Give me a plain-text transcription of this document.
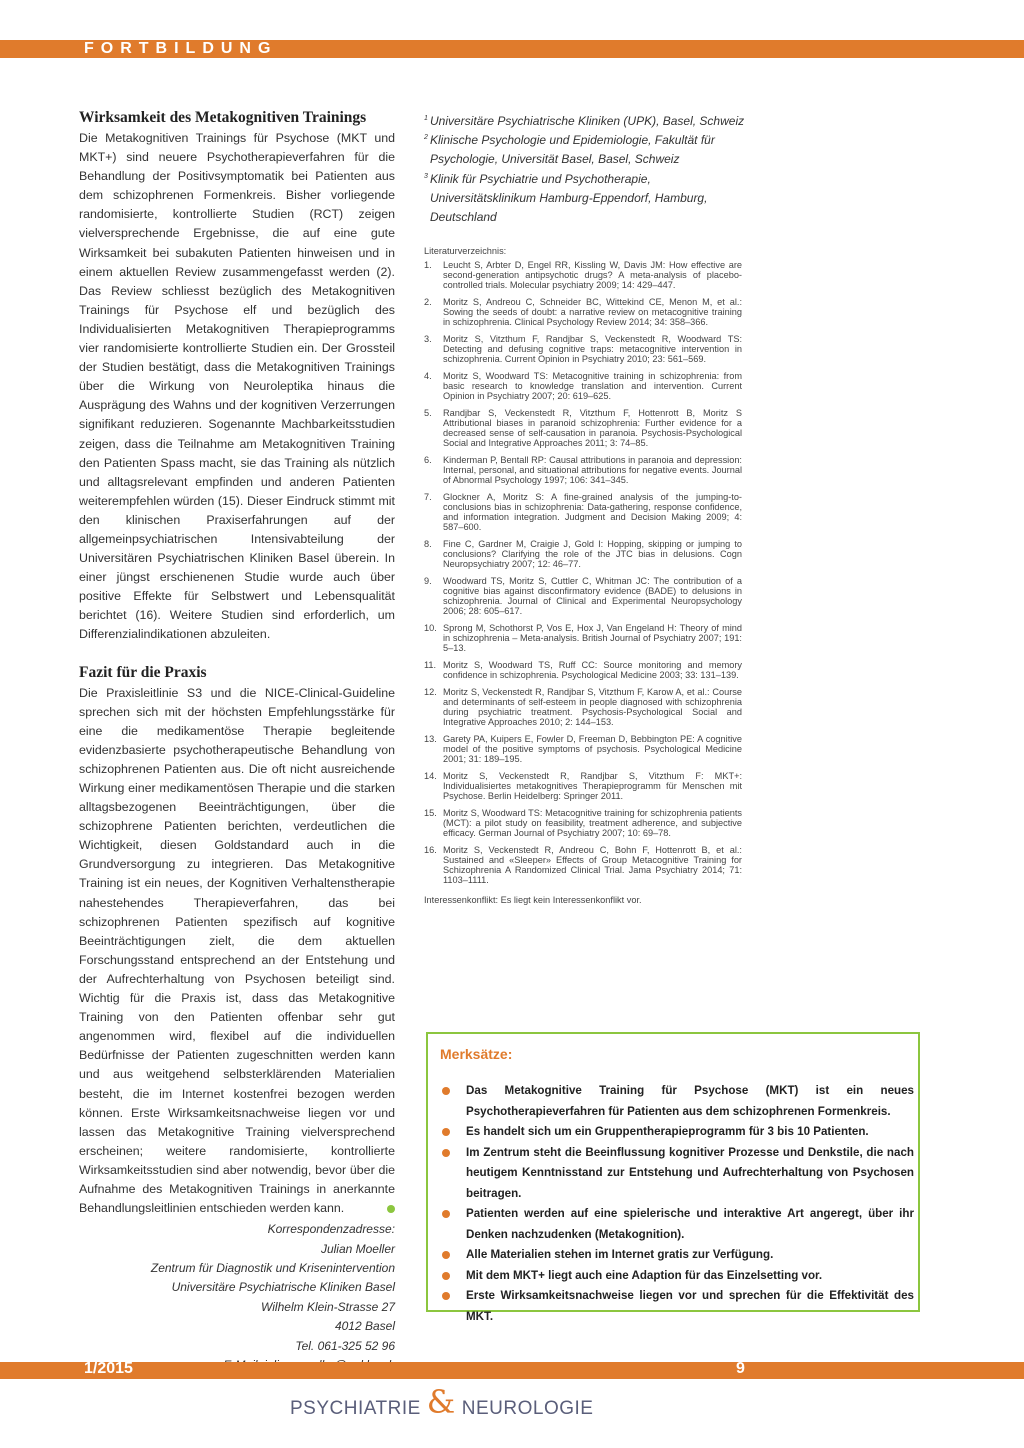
FORTBILDUNG
Wirksamkeit des Metakognitiven Trainings

Die Metakognitiven Trainings für Psychose (MKT und MKT+) sind neuere Psychotherapieverfahren für die Behandlung der Positivsymptomatik bei Patienten aus dem schizophrenen Formenkreis. Bisher vorliegende randomisierte, kontrollierte Studien (RCT) zeigen vielversprechende Ergebnisse, die auf eine gute Wirksamkeit bei subakuten Patienten hinweisen und in einem aktuellen Review zusammengefasst werden (2). Das Review schliesst bezüglich des Metakognitiven Trainings für Psychose elf und bezüglich des Individualisierten Metakognitiven Therapieprogramms vier randomisierte kontrollierte Studien ein. Der Grossteil der Studien bestätigt, dass die Metakognitiven Trainings über die Wirkung von Neuroleptika hinaus die Ausprägung des Wahns und der kognitiven Verzerrungen signifikant reduzieren. Sogenannte Machbarkeitsstudien zeigen, dass die Teilnahme am Metakognitiven Training den Patienten Spass macht, sie das Training als nützlich und alltagsrelevant empfinden und anderen Patienten weiterempfehlen würden (15). Dieser Eindruck stimmt mit den klinischen Praxiserfahrungen auf der allgemeinpsychiatrischen Intensivabteilung der Universitären Psychiatrischen Kliniken Basel überein. In einer jüngst erschienenen Studie wurde auch über positive Effekte für Selbstwert und Lebensqualität berichtet (16). Weitere Studien sind erforderlich, um Differenzialindikationen abzuleiten.

Fazit für die Praxis

Die Praxisleitlinie S3 und die NICE-Clinical-Guideline sprechen sich mit der höchsten Empfehlungsstärke für eine die medikamentöse Therapie begleitende evidenzbasierte psychotherapeutische Behandlung von schizophrenen Patienten aus. Die oft nicht ausreichende Wirkung einer medikamentösen Therapie und die starken alltagsbezogenen Beeinträchtigungen, über die schizophrene Patienten berichten, verdeutlichen die Wichtigkeit, diesen Goldstandard auch in die Grundversorgung zu integrieren. Das Metakognitive Training ist ein neues, der Kognitiven Verhaltenstherapie nahestehendes Therapieverfahren, das bei schizophrenen Patienten spezifisch auf kognitive Beeinträchtigungen zielt, die dem aktuellen Forschungsstand entsprechend an der Entstehung und der Aufrechterhaltung von Psychosen beteiligt sind. Wichtig für die Praxis ist, dass das Metakognitive Training von den Patienten offenbar sehr gut angenommen wird, flexibel auf die individuellen Bedürfnisse der Patienten zugeschnitten werden kann und aus weitgehend selbsterklärenden Materialien besteht, die im Internet kostenfrei bezogen werden können. Erste Wirksamkeitsnachweise liegen vor und lassen das Metakognitive Training vielversprechend erscheinen; weitere randomisierte, kontrollierte Wirksamkeitsstudien sind aber notwendig, bevor über die Aufnahme des Metakognitiven Trainings in anerkannte Behandlungsleitlinien entschieden werden kann.

Korrespondenzadresse:
Julian Moeller
Zentrum für Diagnostik und Krisenintervention
Universitäre Psychiatrische Kliniken Basel
Wilhelm Klein-Strasse 27
4012 Basel
Tel. 061-325 52 96
1 Universitäre Psychiatrische Kliniken (UPK), Basel, Schweiz
2 Klinische Psychologie und Epidemiologie, Fakultät für Psychologie, Universität Basel, Basel, Schweiz
3 Klinik für Psychiatrie und Psychotherapie, Universitätsklinikum Hamburg-Eppendorf, Hamburg, Deutschland
Literaturverzeichnis:
1. Leucht S, Arbter D, Engel RR, Kissling W, Davis JM: How effective are second-generation antipsychotic drugs? A meta-analysis of placebo-controlled trials. Molecular psychiatry 2009; 14: 429–447.
2. Moritz S, Andreou C, Schneider BC, Wittekind CE, Menon M, et al.: Sowing the seeds of doubt: a narrative review on metacognitive training in schizophrenia. Clinical Psychology Review 2014; 34: 358–366.
3. Moritz S, Vitzthum F, Randjbar S, Veckenstedt R, Woodward TS: Detecting and defusing cognitive traps: metacognitive intervention in schizophrenia. Current Opinion in Psychiatry 2010; 23: 561–569.
4. Moritz S, Woodward TS: Metacognitive training in schizophrenia: from basic research to knowledge translation and intervention. Current Opinion in Psychiatry 2007; 20: 619–625.
5. Randjbar S, Veckenstedt R, Vitzthum F, Hottenrott B, Moritz S Attributional biases in paranoid schizophrenia: Further evidence for a decreased sense of self-causation in paranoia. Psychosis-Psychological Social and Integrative Approaches 2011; 3: 74–85.
6. Kinderman P, Bentall RP: Causal attributions in paranoia and depression: Internal, personal, and situational attributions for negative events. Journal of Abnormal Psychology 1997; 106: 341–345.
7. Glockner A, Moritz S: A fine-grained analysis of the jumping-to-conclusions bias in schizophrenia: Data-gathering, response confidence, and information integration. Judgment and Decision Making 2009; 4: 587–600.
8. Fine C, Gardner M, Craigie J, Gold I: Hopping, skipping or jumping to conclusions? Clarifying the role of the JTC bias in delusions. Cogn Neuropsychiatry 2007; 12: 46–77.
9. Woodward TS, Moritz S, Cuttler C, Whitman JC: The contribution of a cognitive bias against disconfirmatory evidence (BADE) to delusions in schizophrenia. Journal of Clinical and Experimental Neuropsychology 2006; 28: 605–617.
10. Sprong M, Schothorst P, Vos E, Hox J, Van Engeland H: Theory of mind in schizophrenia – Meta-analysis. British Journal of Psychiatry 2007; 191: 5–13.
11. Moritz S, Woodward TS, Ruff CC: Source monitoring and memory confidence in schizophrenia. Psychological Medicine 2003; 33: 131–139.
12. Moritz S, Veckenstedt R, Randjbar S, Vitzthum F, Karow A, et al.: Course and determinants of self-esteem in people diagnosed with schizophrenia during psychiatric treatment. Psychosis-Psychological Social and Integrative Approaches 2010; 2: 144–153.
13. Garety PA, Kuipers E, Fowler D, Freeman D, Bebbington PE: A cognitive model of the positive symptoms of psychosis. Psychological Medicine 2001; 31: 189–195.
14. Moritz S, Veckenstedt R, Randjbar S, Vitzthum F: MKT+: Individualisiertes metakognitives Therapieprogramm für Menschen mit Psychose. Berlin Heidelberg: Springer 2011.
15. Moritz S, Woodward TS: Metacognitive training for schizophrenia patients (MCT): a pilot study on feasibility, treatment adherence, and subjective efficacy. German Journal of Psychiatry 2007; 10: 69–78.
16. Moritz S, Veckenstedt R, Andreou C, Bohn F, Hottenrott B, et al.: Sustained and «Sleeper» Effects of Group Metacognitive Training for Schizophrenia A Randomized Clinical Trial. Jama Psychiatry 2014; 71: 1103–1111.
Interessenkonflikt: Es liegt kein Interessenkonflikt vor.
Merksätze:
Das Metakognitive Training für Psychose (MKT) ist ein neues Psychotherapieverfahren für Patienten aus dem schizophrenen Formenkreis.
Es handelt sich um ein Gruppentherapieprogramm für 3 bis 10 Patienten.
Im Zentrum steht die Beeinflussung kognitiver Prozesse und Denkstile, die nach heutigem Kenntnisstand zur Entstehung und Aufrechterhaltung von Psychosen beitragen.
Patienten werden auf eine spielerische und interaktive Art angeregt, über ihr Denken nachzudenken (Metakognition).
Alle Materialien stehen im Internet gratis zur Verfügung.
Mit dem MKT+ liegt auch eine Adaption für das Einzelsetting vor.
Erste Wirksamkeitsnachweise liegen vor und sprechen für die Effektivität des MKT.
1/2015	9
PSYCHIATRIE & NEUROLOGIE
